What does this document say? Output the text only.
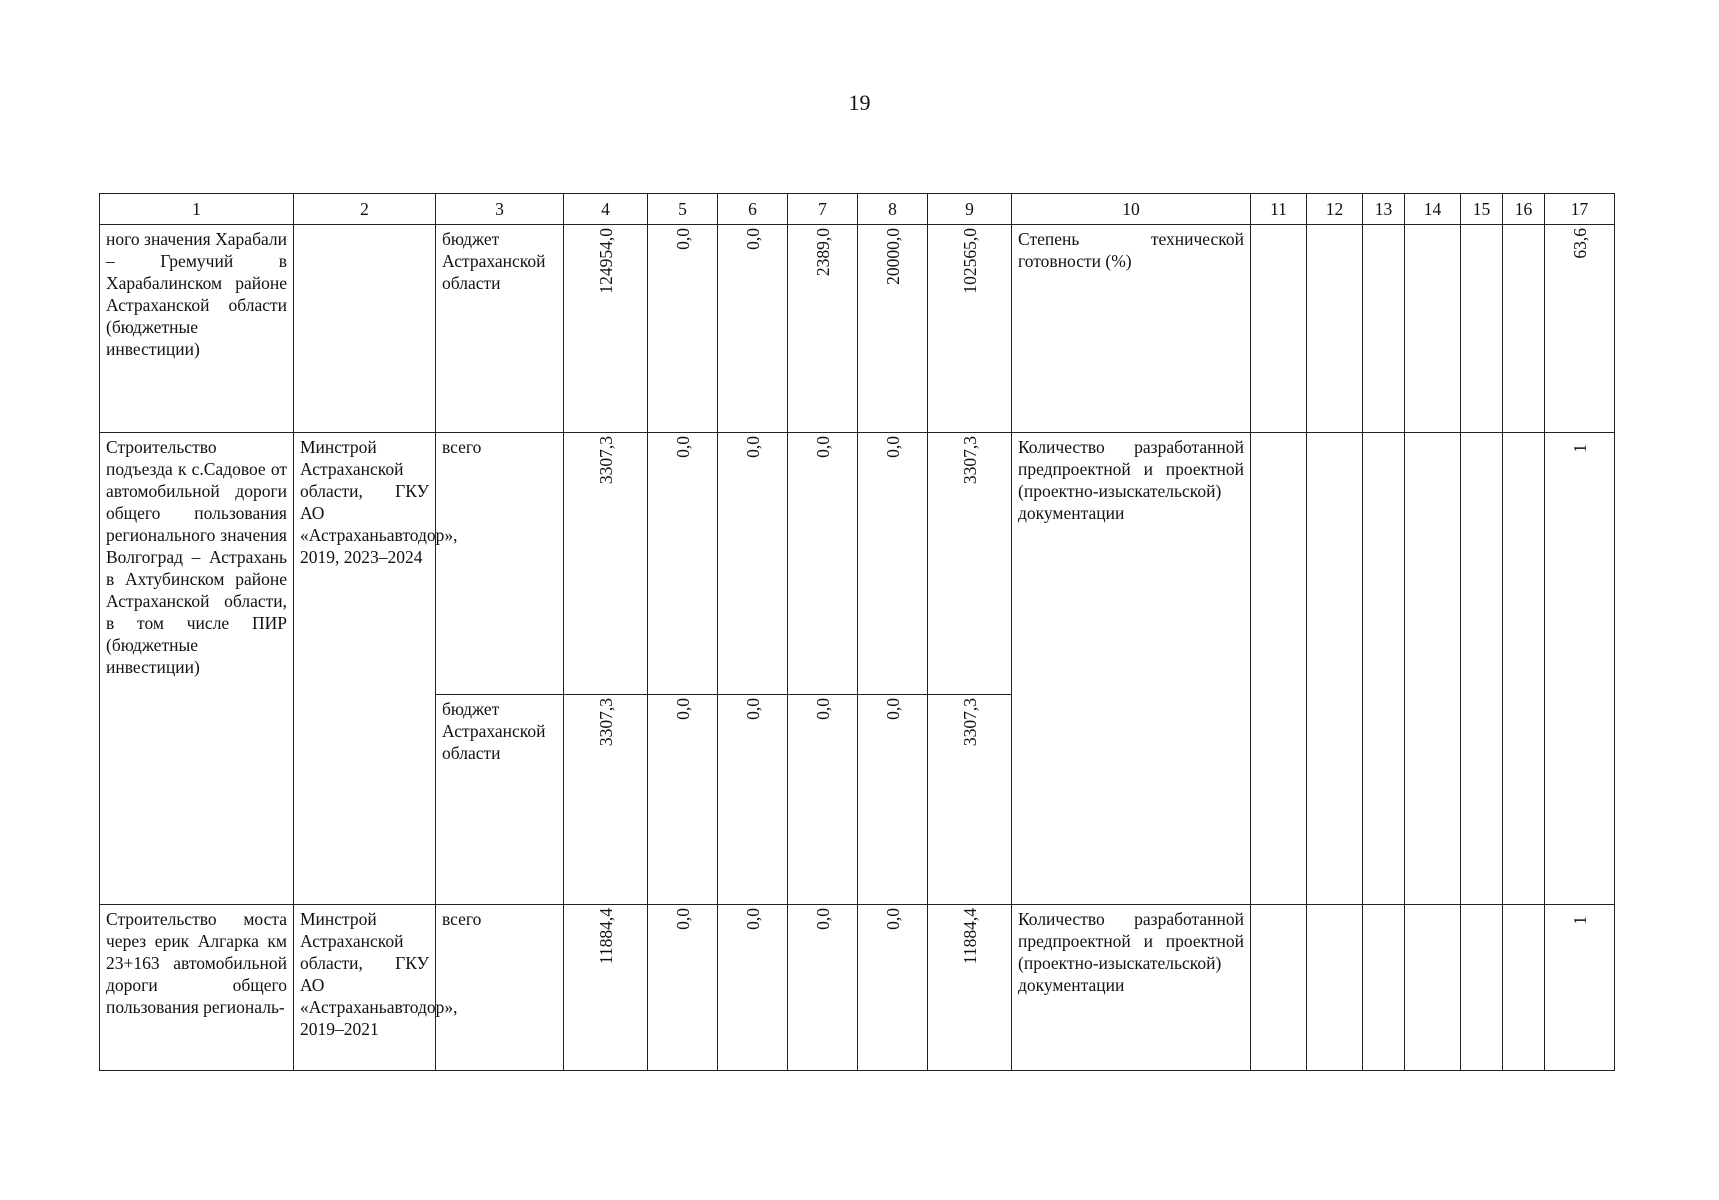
19
1	2	3	4	5	6	7	8	9	10	11	12	13	14	15	16	17
ного значения Харабали – Гремучий в Харабалинском районе Астраханской области (бюджетные инвестиции)		бюджет Астраханской области	124954,0	0,0	0,0	2389,0	20000,0	102565,0	Степень технической готовности (%)							63,6
Строительство подъезда к с.Садовое от автомобильной дороги общего пользования регионального значения Волгоград – Астрахань в Ахтубинском районе Астраханской области, в том числе ПИР (бюджетные инвестиции)	Минстрой Астраханской области, ГКУ АО «Астраханьавтодор», 2019, 2023–2024	всего	3307,3	0,0	0,0	0,0	0,0	3307,3	Количество разработанной предпроектной и проектной (проектно-изыскательской) документации							1
		бюджет Астраханской области	3307,3	0,0	0,0	0,0	0,0	3307,3								
Строительство моста через ерик Алгарка км 23+163 автомобильной дороги общего пользования региональ-	Минстрой Астраханской области, ГКУ АО «Астраханьавтодор», 2019–2021	всего	11884,4	0,0	0,0	0,0	0,0	11884,4	Количество разработанной предпроектной и проектной (проектно-изыскательской) документации							1
